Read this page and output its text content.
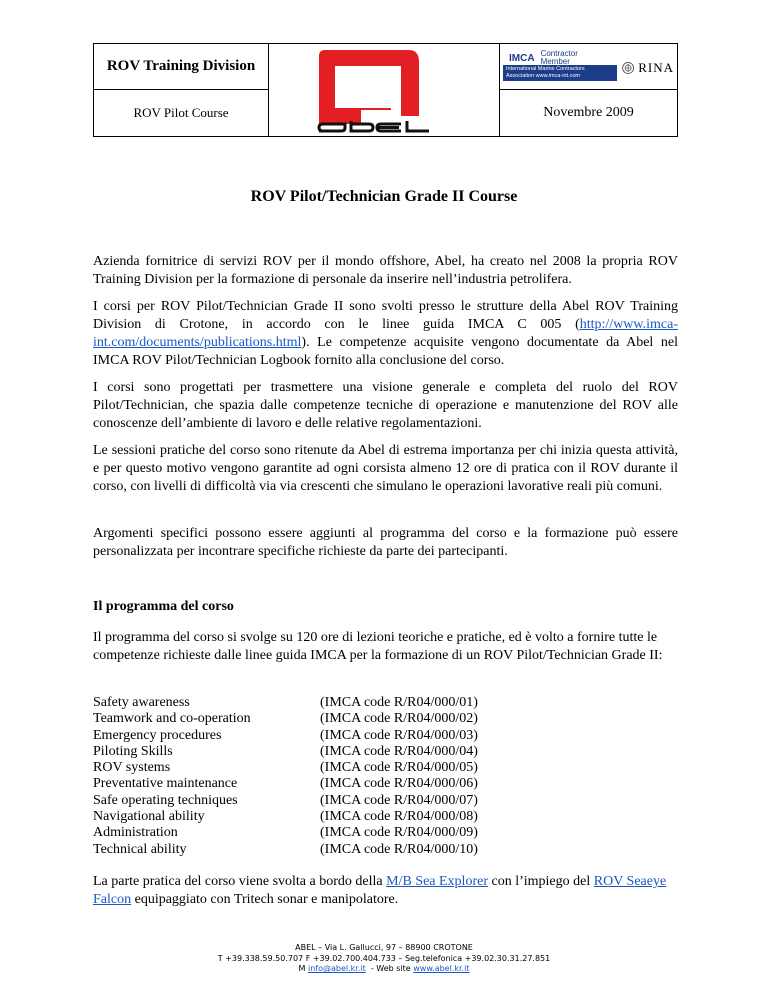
ROV Training Division
ROV Pilot Course
IMCA Contractor
Member
International Marine Contractors
Association www.imca-int.com
RINA
Novembre 2009
ROV Pilot/Technician Grade II Course

Azienda fornitrice di servizi ROV per il mondo offshore, Abel, ha creato nel 2008 la propria ROV Training Division per la formazione di personale da inserire nell’industria petrolifera.

I corsi per ROV Pilot/Technician Grade II sono svolti presso le strutture della Abel ROV Training Division di Crotone, in accordo con le linee guida IMCA C 005 (http://www.imca-int.com/documents/publications.html). Le competenze acquisite vengono documentate da Abel nel IMCA ROV Pilot/Technician Logbook fornito alla conclusione del corso.

I corsi sono progettati per trasmettere una visione generale e completa del ruolo del ROV Pilot/Technician, che spazia dalle competenze tecniche di operazione e manutenzione del ROV alle conoscenze dell’ambiente di lavoro e delle relative regolamentazioni.

Le sessioni pratiche del corso sono ritenute da Abel di estrema importanza per chi inizia questa attività, e per questo motivo vengono garantite ad ogni corsista almeno 12 ore di pratica con il ROV durante il corso, con livelli di difficoltà via via crescenti che simulano le operazioni lavorative reali più comuni.

Argomenti specifici possono essere aggiunti al programma del corso e la formazione può essere personalizzata per incontrare specifiche richieste da parte dei partecipanti.

Il programma del corso

Il programma del corso si svolge su 120 ore di lezioni teoriche e pratiche, ed è volto a fornire tutte le competenze richieste dalle linee guida IMCA per la formazione di un ROV Pilot/Technician Grade II:

Safety awareness	(IMCA code R/R04/000/01)
Teamwork and co-operation	(IMCA code R/R04/000/02)
Emergency procedures	(IMCA code R/R04/000/03)
Piloting Skills	(IMCA code R/R04/000/04)
ROV systems	(IMCA code R/R04/000/05)
Preventative maintenance	(IMCA code R/R04/000/06)
Safe operating techniques	(IMCA code R/R04/000/07)
Navigational ability	(IMCA code R/R04/000/08)
Administration	(IMCA code R/R04/000/09)
Technical ability	(IMCA code R/R04/000/10)

La parte pratica del corso viene svolta a bordo della M/B Sea Explorer con l’impiego del ROV Seaeye Falcon equipaggiato con Tritech sonar e manipolatore.

ABEL – Via L. Gallucci, 97 – 88900 CROTONE
T +39.338.59.50.707 F +39.02.700.404.733 – Seg.telefonica +39.02.30.31.27.851
M info@abel.kr.it  - Web site www.abel.kr.it
